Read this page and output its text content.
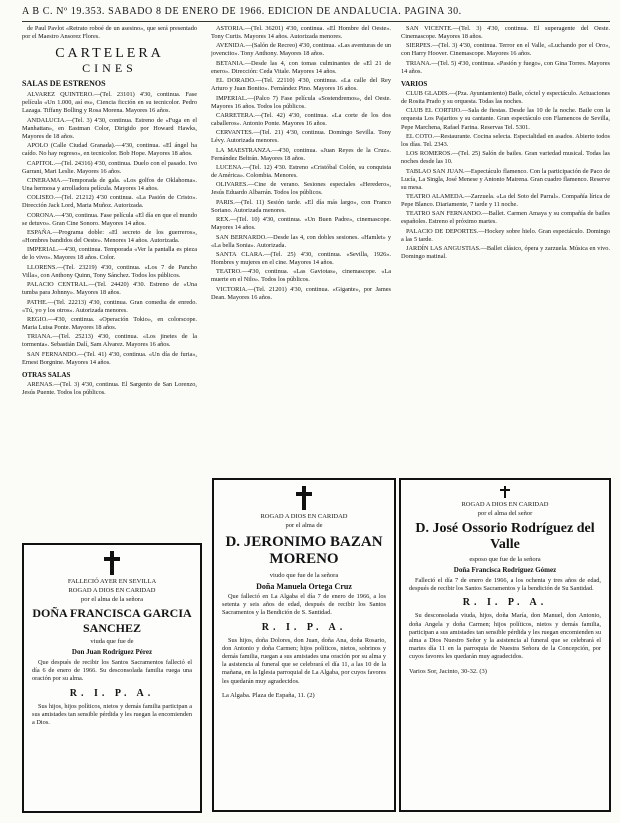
A B C. Nº 19.353. SABADO 8 DE ENERO DE 1966. EDICION DE ANDALUCIA. PAGINA 30.

de Paul Pavlot «Retrato roboé de un asesino», que será presentado por el Maestro Ansorez Flores.

CARTELERA
CINES
SALAS DE ESTRENOS

ALVAREZ QUINTERO.—(Tel. 23101) 4'30, continua. Fase película «Un 1.000, así es», Ciencia ficción en su tecnicolor. Pedro Lazaga. Tiffany Bolling y Rosa Morena. Mayores 16 años.

ANDALUCIA.—(Tel. 3) 4'30, continua. Estreno de «Fuga en el Manhattan», en Eastman Color, Dirigido por Howard Hawks, Mayores de 18 años.

APOLO (Calle Ciudad Granada).—4'30, continua. «El ángel ha caído. No hay regreso», en tecnicolor. Bob Hope. Mayores 18 años.

CAPITOL.—(Tel. 24316) 4'30, continua. Duelo con el pasado. Ivo Garrani, Mari Leslie. Mayores 16 años.

CINERAMA.—Temporada de gala. «Los golfos de Oklahoma». Una hermosa y arrolladora película. Mayores 14 años.

COLISEO.—(Tel. 21212) 4'30 continua. «La Pasión de Cristo». Dirección Jack Lord, Maria Muñoz. Autorizada.

CORONA.—4'30, continua. Fase película «El día en que el mundo se detuvo». Gran Cine Sonoro. Mayores 14 años.

ESPAÑA.—Programa doble: «El secreto de los guerreros», «Hombres bandidos del Oeste». Menores 14 años. Autorizada.

IMPERIAL.—4'30, continua. Temporada «Ver la pantalla es pieza de lo vivo». Mayores 18 años. Color.

LLORENS.—(Tel. 23219) 4'30, continua. «Los 7 de Pancho Villa», con Anthony Quinn, Tony Sánchez. Todos los públicos.

PALACIO CENTRAL.—(Tel. 24420) 4'30. Estreno de «Una tumba para Johnny». Mayores 18 años.

PATHE.—(Tel. 22213) 4'30, continua. Gran comedia de enredo. «Tú, yo y los otros». Autorizada menores.

REGIO.—4'30, continua. «Operación Tokio», en colorscope. Maria Luisa Ponte. Mayores 18 años.

TRIANA.—(Tel. 25213) 4'30, continua. «Los jinetes de la tormenta». Sebastián Dalí, Sam Alvarez. Mayores 16 años.

SAN FERNANDO.—(Tel. 41) 4'30, continua. «Un día de furia», Ernest Borgnine. Mayores 14 años.

OTRAS SALAS

ARENAS.—(Tel. 3) 4'30, continua. El Sargento de San Lorenzo, Jesús Puente. Todos los públicos.

ASTORIA.—(Tel. 36201) 4'30, continua. «El Hombre del Oeste». Tony Curtis. Mayores 14 años. Autorizada menores.

AVENIDA.—(Salón de Recreo) 4'30, continua. «Las aventuras de un jovencito». Tony Anthony. Mayores 18 años.

BETANIA.—Desde las 4, con tomas culminantes de «El 21 de enero». Dirección: Ceda Vitale. Mayores 14 años.

EL DORADO.—(Tel. 22110) 4'30, continua. «La calle del Rey Arturo y Juan Bonito». Fernández Pino. Mayores 16 años.

IMPERIAL.—(Palco 7) Fase película «Sostendremos», del Oeste. Mayores 16 años. Todos los públicos.

CARRETERA.—(Tel. 42) 4'30, continua. «La corte de los dos caballeros». Antonio Ponte. Mayores 16 años.

CERVANTES.—(Tel. 21) 4'30, continua. Domingo Sevilla. Tony Lévy. Autorizada menores.

LA MAESTRANZA.—4'30, continua. «Juan Reyes de la Cruz». Fernández Beltrán. Mayores 18 años.

LUCENA.—(Tel. 12) 4'30. Estreno «Cristóbal Colón, su conquista de América». Colombia. Menores.

OLIVARES.—Cine de verano. Sesiones especiales «Heredero», Jesús Eduardo Albarrán. Todos los públicos.

PARIS.—(Tel. 11) Sesión tarde. «El día más largo», con Franco Soriano. Autorizada menores.

REX.—(Tel. 10) 4'30, continua. «Un Buen Padre», cinemascope. Mayores 14 años.

SAN BERNARDO.—Desde las 4, con dobles sesiones. «Hamlet» y «La bella Sonia». Autorizada.

SANTA CLARA.—(Tel. 25) 4'30, continua. «Sevilla, 1926». Hombres y mujeres en el cine. Mayores 14 años.

TEATRO.—4'30, continua. «Las Gaviotas», cinemascope. «La muerte en el Nilo». Todos los públicos.

VICTORIA.—(Tel. 21201) 4'30, continua. «Gigante», por James Dean. Mayores 16 años.

SAN VICENTE.—(Tel. 3) 4'30, continua. El superagente del Oeste. Cinemascope. Mayores 18 años.

SIERPES.—(Tel. 3) 4'30, continua. Terror en el Valle, «Luchando por el Oro», con Harry Hoover. Cinemascope. Mayores 16 años.

TRIANA.—(Tel. 5) 4'30, continua. «Pasión y fuego», con Gina Torres. Mayores 14 años.

VARIOS

CLUB GLADIS.—(Pza. Ayuntamiento) Baile, cóctel y espectáculo. Actuaciones de Rosita Prado y su orquesta. Todas las noches.

CLUB EL CORTIJO.—Sala de fiestas. Desde las 10 de la noche. Baile con la orquesta Los Pajaritos y su cantante. Gran espectáculo con Flamencos de Sevilla, Pepe Marchena, Rafael Farina. Reservas Tel. 5301.

EL COTO.—Restaurante. Cocina selecta. Especialidad en asados. Abierto todos los días. Tel. 2343.

LOS ROMEROS.—(Tel. 25) Salón de bailes. Gran variedad musical. Todas las noches desde las 10.

TABLAO SAN JUAN.—Espectáculo flamenco. Con la participación de Paco de Lucía, La Singla, José Menese y Antonio Mairena. Gran cuadro flamenco. Reserve su mesa.

TEATRO ALAMEDA.—Zarzuela. «La del Soto del Parral». Compañía lírica de Pepe Blanco. Diariamente, 7 tarde y 11 noche.

TEATRO SAN FERNANDO.—Ballet. Carmen Amaya y su compañía de bailes españoles. Estreno el próximo martes.

PALACIO DE DEPORTES.—Hockey sobre hielo. Gran espectáculo. Domingo a las 5 tarde.

JARDÍN LAS ANGUSTIAS.—Ballet clásico, ópera y zarzuela. Música en vivo. Domingo matinal.

FALLECIÓ AYER EN SEVILLA
ROGAD A DIOS EN CARIDAD
por el alma de la señora
DOÑA FRANCISCA GARCIA SANCHEZ
viuda que fue de
Don Juan Rodríguez Pérez
Que después de recibir los Santos Sacramentos falleció el día 6 de enero de 1966. Su desconsolada familia ruega una oración por su alma.
R. I. P. A.
Sus hijos, hijos políticos, nietos y demás familia participan a sus amistades tan sensible pérdida y les ruegan la encomienden a Dios.
ROGAD A DIOS EN CARIDAD
por el alma de
D. JERONIMO BAZAN MORENO
viudo que fue de la señora
Doña Manuela Ortega Cruz
Que falleció en La Algaba el día 7 de enero de 1966, a los setenta y seis años de edad, después de recibir los Santos Sacramentos y la Bendición de S. Santidad.
R. I. P. A.
Sus hijos, doña Dolores, don Juan, doña Ana, doña Rosario, don Antonio y doña Carmen; hijos políticos, nietos, sobrinos y demás familia, ruegan a sus amistades una oración por su alma y la asistencia al funeral que se celebrará el día 11, a las 10 de la mañana, en la Iglesia parroquial de La Algaba, por cuyos favores les quedarán muy agradecidos.
La Algaba. Plaza de España, 11. (2)
ROGAD A DIOS EN CARIDAD
por el alma del señor
D. José Ossorio Rodríguez del Valle
esposo que fue de la señora
Doña Francisca Rodríguez Gómez
Falleció el día 7 de enero de 1966, a los ochenta y tres años de edad, después de recibir los Santos Sacramentos y la bendición de Su Santidad.
R. I. P. A.
Su desconsolada viuda, hijos, doña María, don Manuel, don Antonio, doña Angela y doña Carmen; hijos políticos, nietos y demás familia, participan a sus amistades tan sensible pérdida y les ruegan encomienden su alma a Dios Nuestro Señor y la asistencia al funeral que se celebrará el martes día 11 en la parroquia de Nuestra Señora de la Concepción, por cuyos favores les quedarán muy agradecidos.
Varios Sor, Jacinto, 30-32. (3)
